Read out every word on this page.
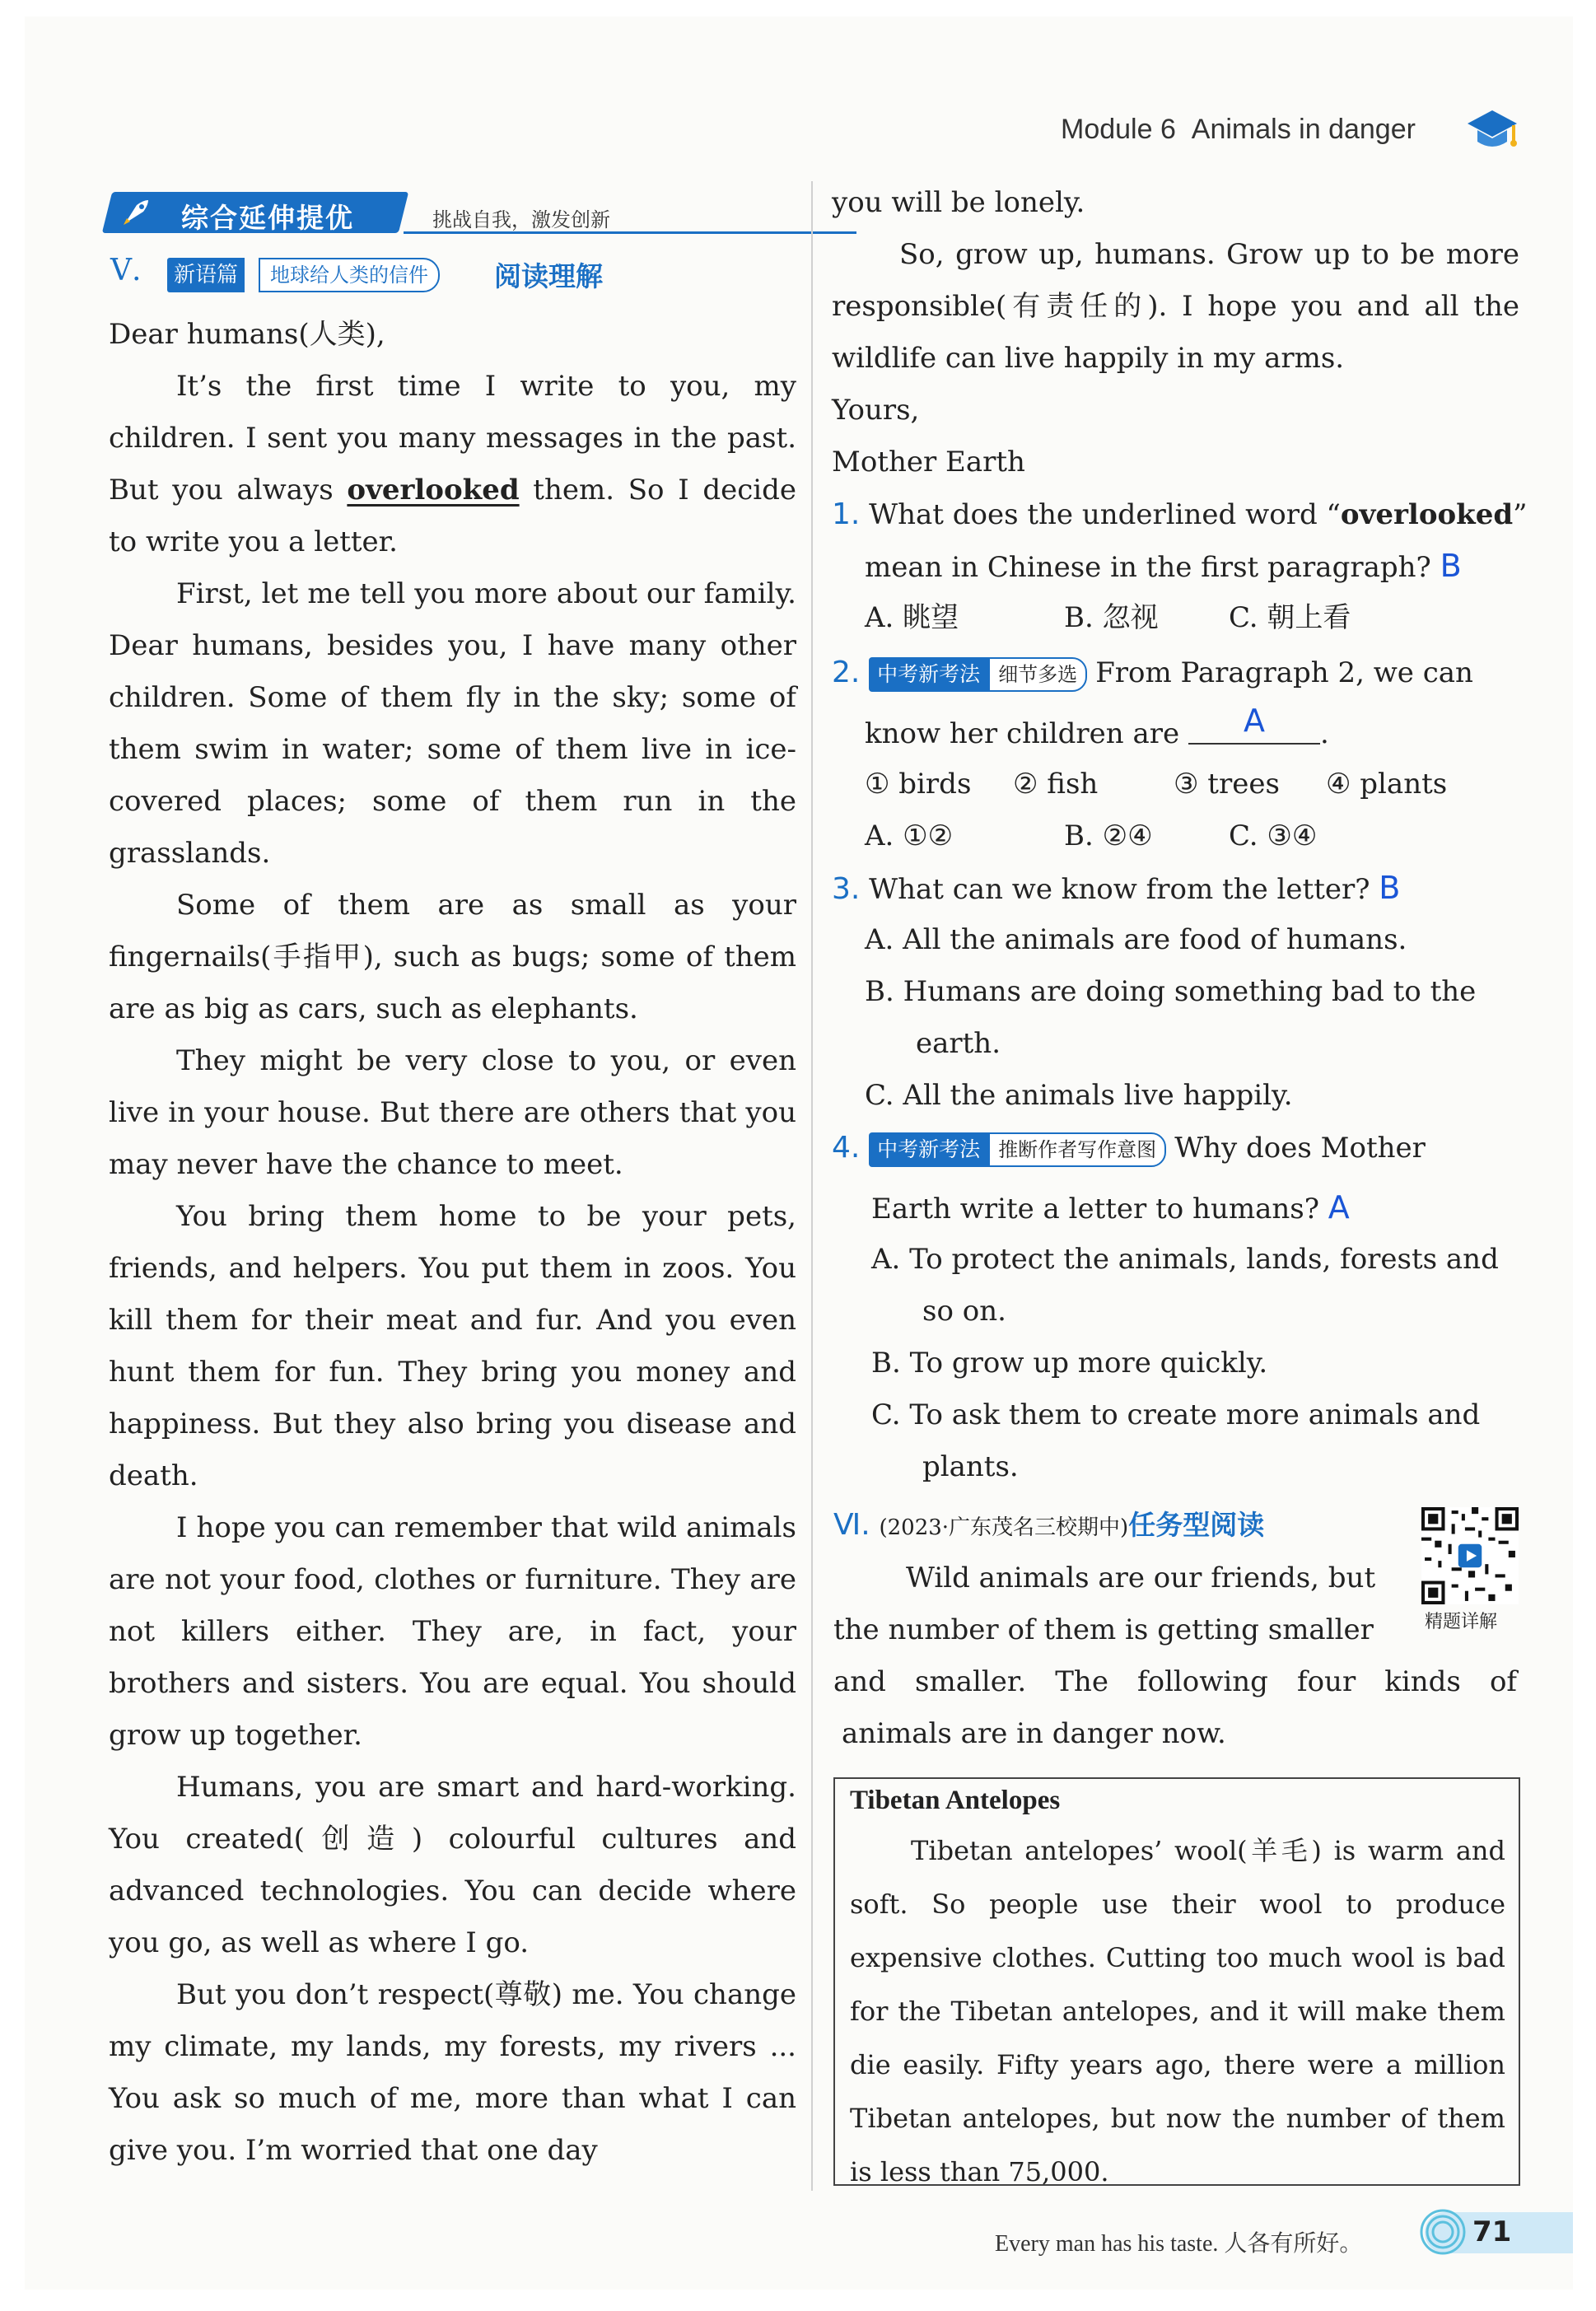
Module 6 Animals in danger
综合延伸提优	挑战自我，激发创新
Ⅴ.	新语篇	地球给人类的信件	阅读理解

Dear humans(人类),

It’s the first time I write to you, my children. I sent you many messages in the past. But you always overlooked them. So I decide to write you a letter.

First, let me tell you more about our family. Dear humans, besides you, I have many other children. Some of them fly in the sky; some of them swim in water; some of them live in ice-covered places; some of them run in the grasslands.

Some of them are as small as your fingernails(手指甲), such as bugs; some of them are as big as cars, such as elephants.

They might be very close to you, or even live in your house. But there are others that you may never have the chance to meet.

You bring them home to be your pets, friends, and helpers. You put them in zoos. You kill them for their meat and fur. And you even hunt them for fun. They bring you money and happiness. But they also bring you disease and death.

I hope you can remember that wild animals are not your food, clothes or furniture. They are not killers either. They are, in fact, your brothers and sisters. You are equal. You should grow up together.

Humans, you are smart and hard-working. You created(创造) colourful cultures and advanced technologies. You can decide where you go, as well as where I go.

But you don’t respect(尊敬) me. You change my climate, my lands, my forests, my rivers ... You ask so much of me, more than what I can give you. I’m worried that one day

you will be lonely.

So, grow up, humans. Grow up to be more responsible(有责任的). I hope you and all the wildlife can live happily in my arms.

Yours,

Mother Earth

1. What does the underlined word “overlooked”
mean in Chinese in the first paragraph? B
A. 眺望	B. 忽视	C. 朝上看
2. 中考新考法 细节多选 From Paragraph 2, we can
know her children are A .
① birds ② fish	③ trees ④ plants
A. ①②	B. ②④	C. ③④
3. What can we know from the letter? B
A. All the animals are food of humans.
B. Humans are doing something bad to the
earth.
C. All the animals live happily.
4. 中考新考法 推断作者写作意图 Why does Mother
Earth write a letter to humans? A
A. To protect the animals, lands, forests and
so on.
B. To grow up more quickly.
C. To ask them to create more animals and
plants.
Ⅵ. (2023·广东茂名三校期中)任务型阅读
Wild animals are our friends, but
the number of them is getting smaller
and smaller. The following four kinds of
animals are in danger now.
精题详解
Tibetan Antelopes
Tibetan antelopes’ wool(羊毛) is warm and soft. So people use their wool to produce expensive clothes. Cutting too much wool is bad for the Tibetan antelopes, and it will make them die easily. Fifty years ago, there were a million Tibetan antelopes, but now the number of them is less than 75,000.
Every man has his taste. 人各有所好。	71
